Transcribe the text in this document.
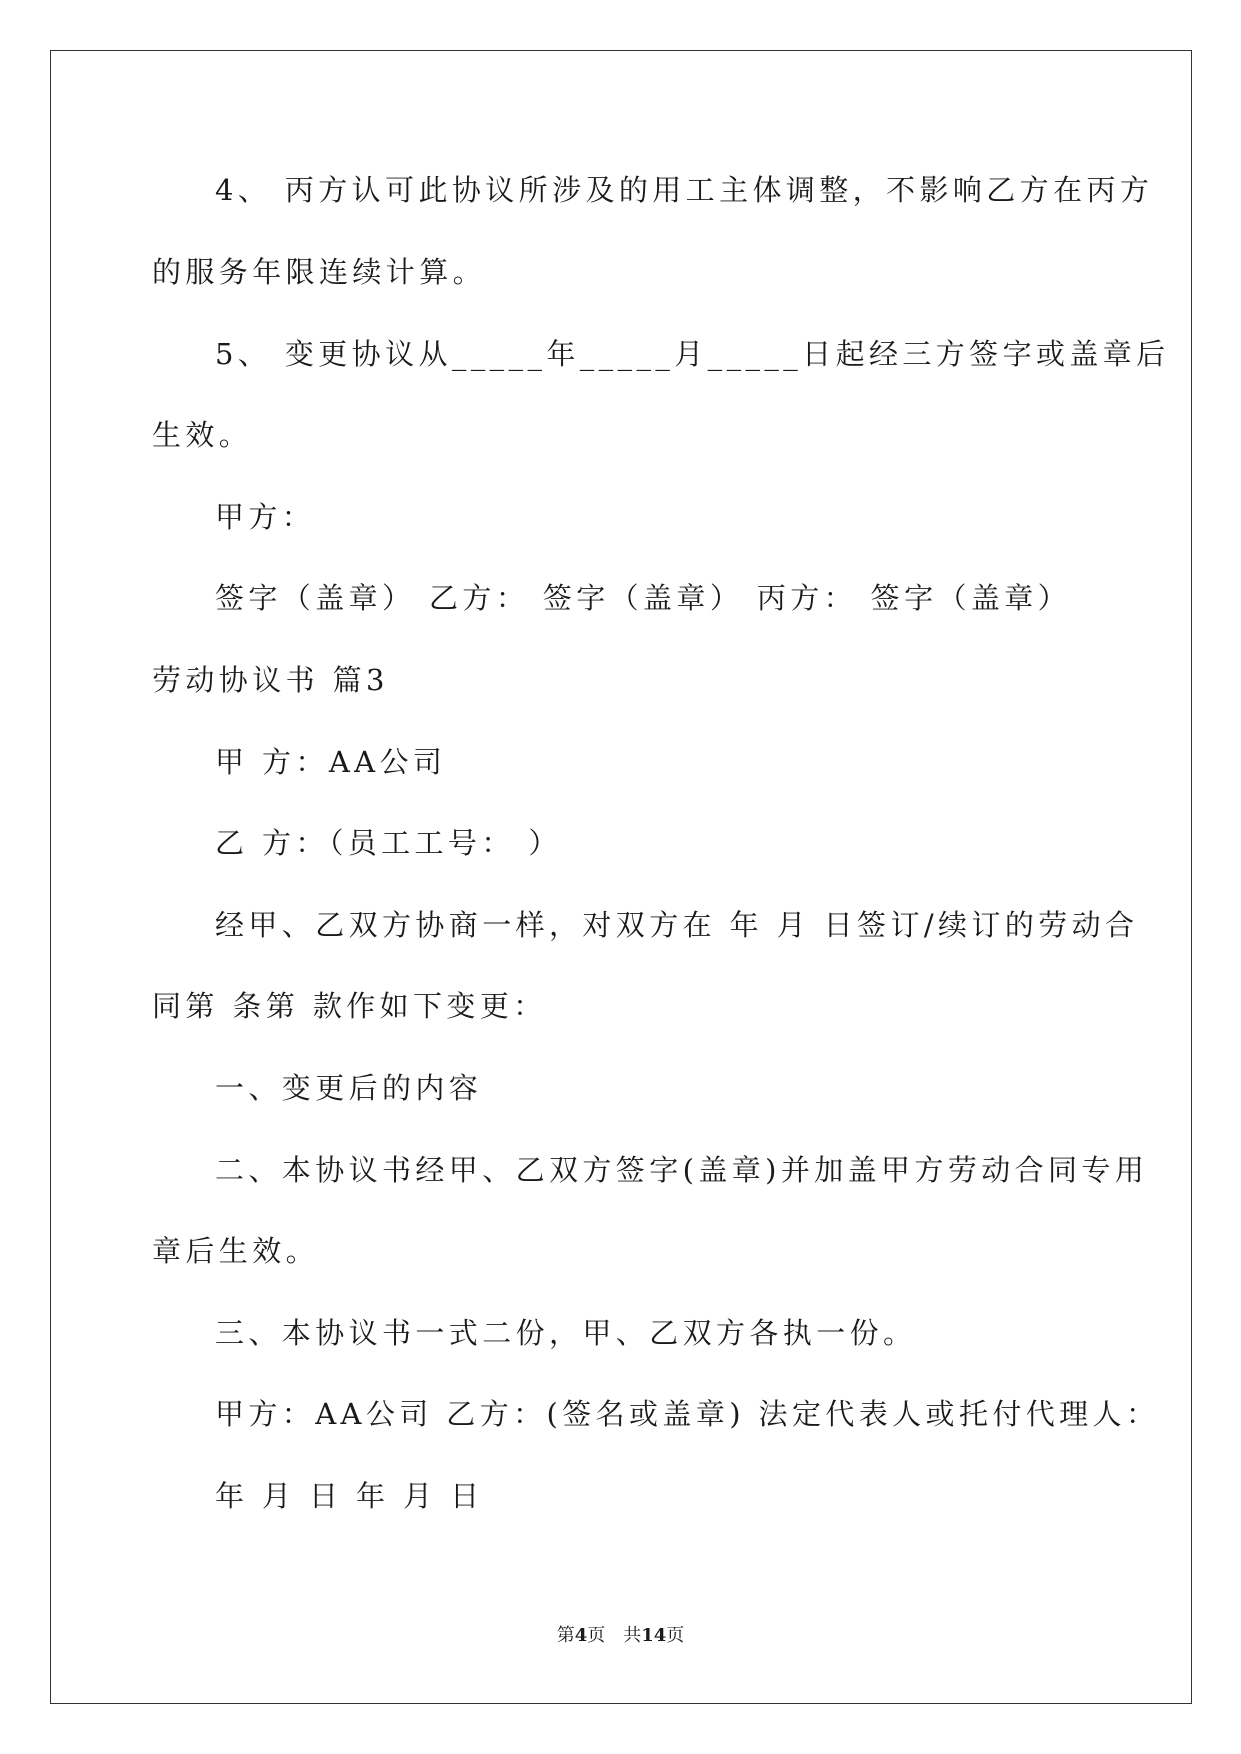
4、 丙方认可此协议所涉及的用工主体调整，不影响乙方在丙方
的服务年限连续计算。
5、 变更协议从_____年_____月_____日起经三方签字或盖章后
生效。
甲方：
签字（盖章） 乙方： 签字（盖章） 丙方： 签字（盖章）
劳动协议书 篇3
甲 方：AA公司
乙 方：（员工工号： ）
经甲、乙双方协商一样，对双方在 年 月 日签订/续订的劳动合
同第 条第 款作如下变更：
一、变更后的内容
二、本协议书经甲、乙双方签字(盖章)并加盖甲方劳动合同专用
章后生效。
三、本协议书一式二份，甲、乙双方各执一份。
甲方：AA公司 乙方：(签名或盖章) 法定代表人或托付代理人：
年 月 日 年 月 日
第4页　共14页
